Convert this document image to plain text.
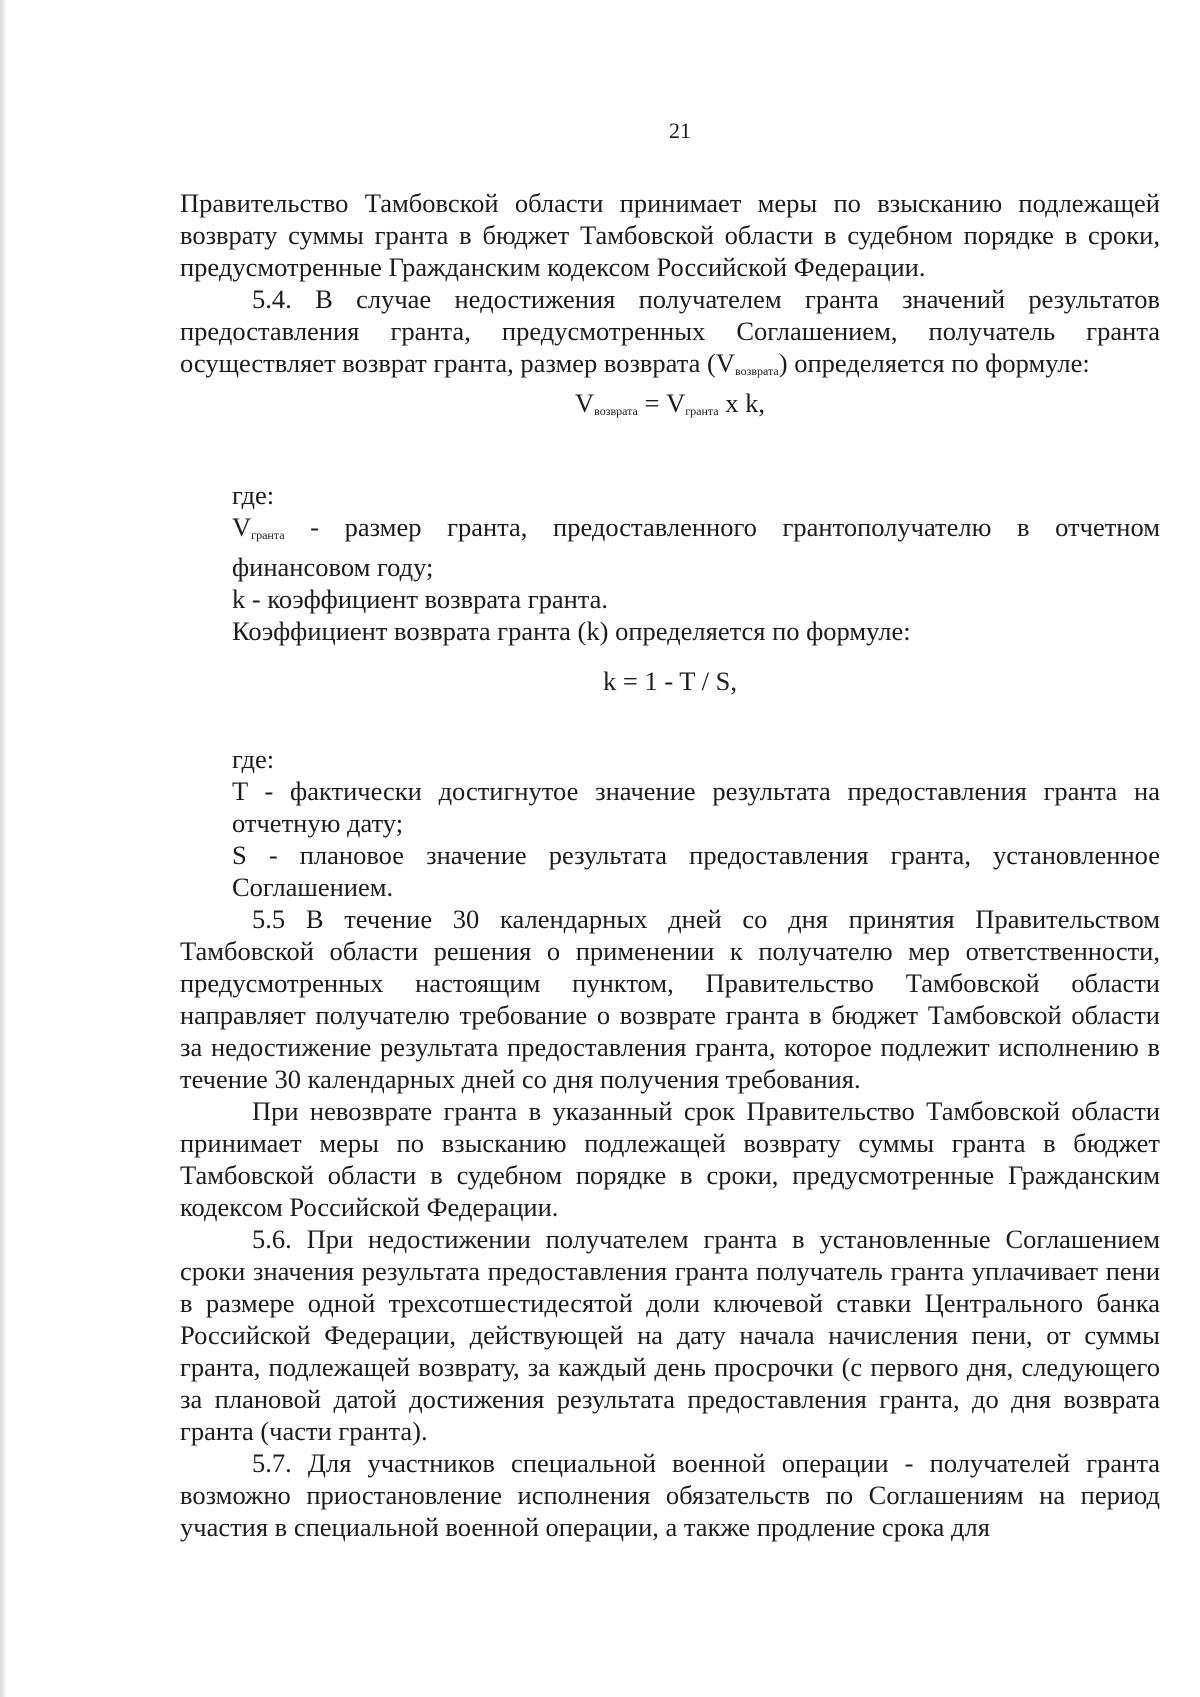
21

Правительство Тамбовской области принимает меры по взысканию подлежащей возврату суммы гранта в бюджет Тамбовской области в судебном порядке в сроки, предусмотренные Гражданским кодексом Российской Федерации.

5.4. В случае недостижения получателем гранта значений результатов предоставления гранта, предусмотренных Соглашением, получатель гранта осуществляет возврат гранта, размер возврата $(V_{возврата})$ определяется по формуле:

$V_{возврата} = V_{гранта}$ x k,

где:

$V_{гранта}$ - размер гранта, предоставленного грантополучателю в отчетном финансовом году;

k - коэффициент возврата гранта.

Коэффициент возврата гранта (k) определяется по формуле:

k = 1 - T / S,

где:

T - фактически достигнутое значение результата предоставления гранта на отчетную дату;

S - плановое значение результата предоставления гранта, установленное Соглашением.

5.5 В течение 30 календарных дней со дня принятия Правительством Тамбовской области решения о применении к получателю мер ответственности, предусмотренных настоящим пунктом, Правительство Тамбовской области направляет получателю требование о возврате гранта в бюджет Тамбовской области за недостижение результата предоставления гранта, которое подлежит исполнению в течение 30 календарных дней со дня получения требования.

При невозврате гранта в указанный срок Правительство Тамбовской области принимает меры по взысканию подлежащей возврату суммы гранта в бюджет Тамбовской области в судебном порядке в сроки, предусмотренные Гражданским кодексом Российской Федерации.

5.6. При недостижении получателем гранта в установленные Соглашением сроки значения результата предоставления гранта получатель гранта уплачивает пени в размере одной трехсотшестидесятой доли ключевой ставки Центрального банка Российской Федерации, действующей на дату начала начисления пени, от суммы гранта, подлежащей возврату, за каждый день просрочки (с первого дня, следующего за плановой датой достижения результата предоставления гранта, до дня возврата гранта (части гранта).

5.7. Для участников специальной военной операции - получателей гранта возможно приостановление исполнения обязательств по Соглашениям на период участия в специальной военной операции, а также продление срока для
